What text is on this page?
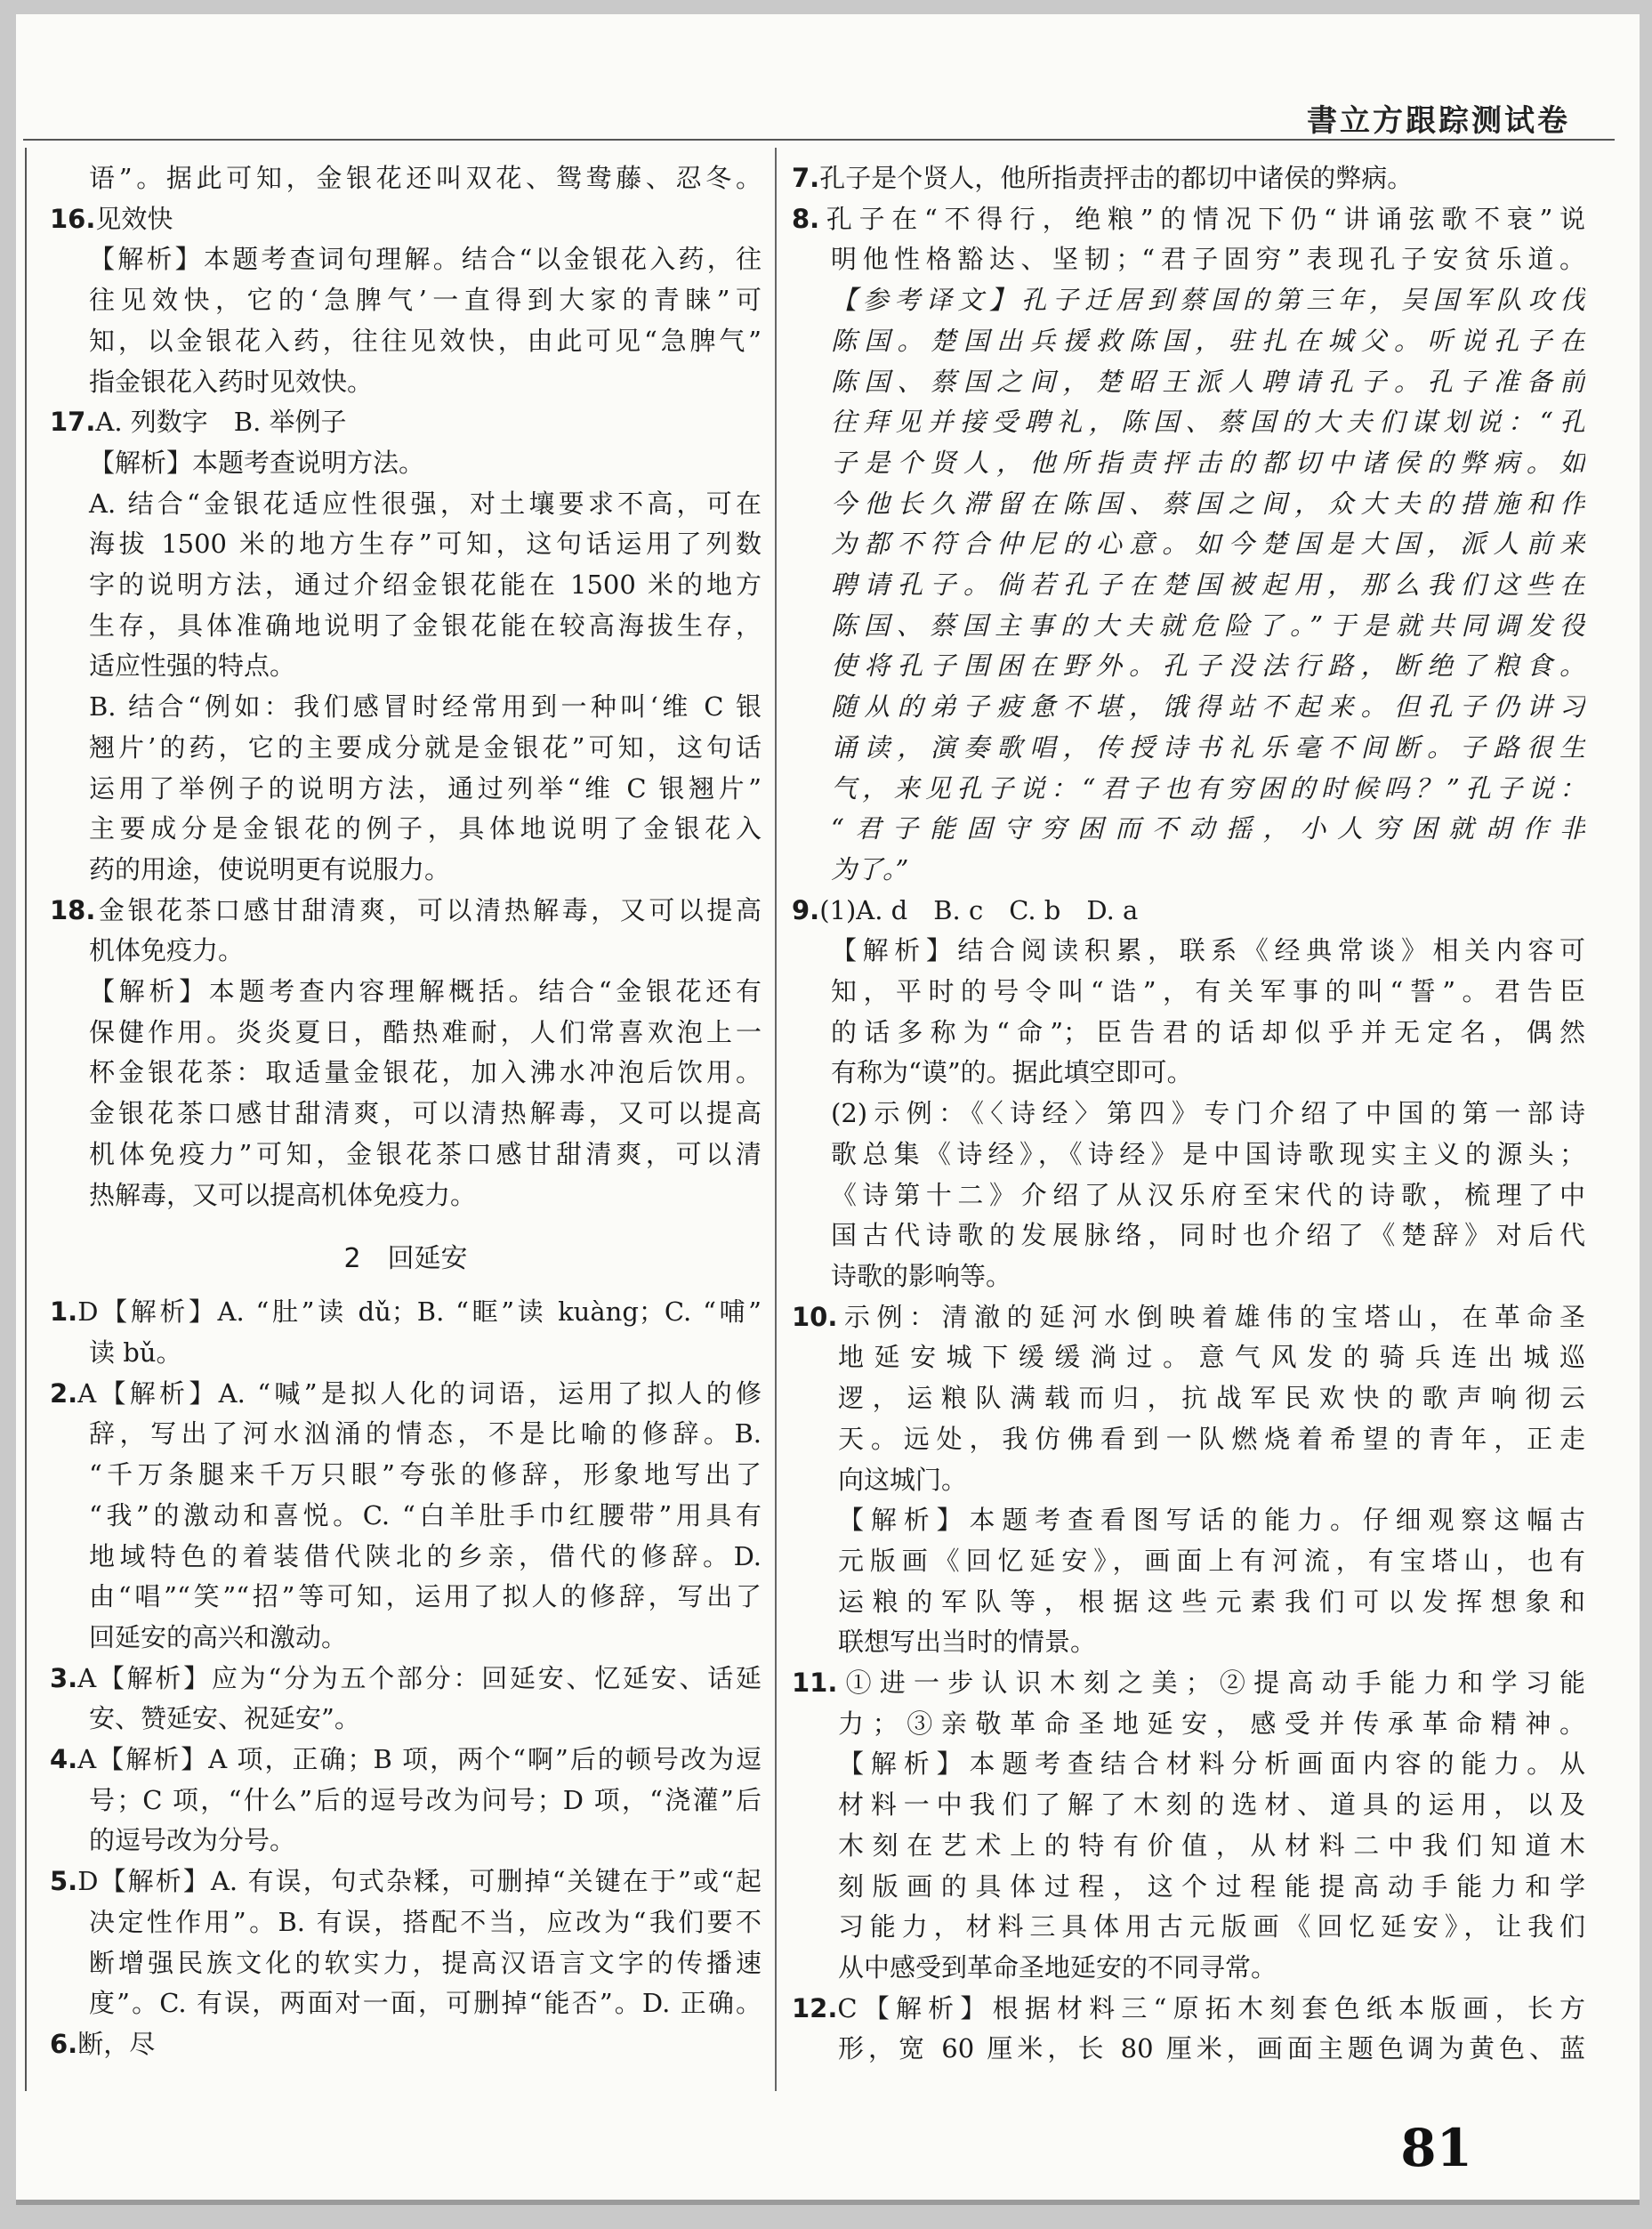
書立方跟踪测试卷
语”。据此可知，金银花还叫双花、鸳鸯藤、忍冬。
16.见效快
【解析】本题考查词句理解。结合“以金银花入药，往
往见效快，它的‘急脾气’一直得到大家的青睐”可
知，以金银花入药，往往见效快，由此可见“急脾气”
指金银花入药时见效快。
17.A. 列数字　B. 举例子
【解析】本题考查说明方法。
A. 结合“金银花适应性很强，对土壤要求不高，可在
海拔 1500 米的地方生存”可知，这句话运用了列数
字的说明方法，通过介绍金银花能在 1500 米的地方
生存，具体准确地说明了金银花能在较高海拔生存，
适应性强的特点。
B. 结合“例如：我们感冒时经常用到一种叫‘维 C 银
翘片’的药，它的主要成分就是金银花”可知，这句话
运用了举例子的说明方法，通过列举“维 C 银翘片”
主要成分是金银花的例子，具体地说明了金银花入
药的用途，使说明更有说服力。
18.金银花茶口感甘甜清爽，可以清热解毒，又可以提高
机体免疫力。
【解析】本题考查内容理解概括。结合“金银花还有
保健作用。炎炎夏日，酷热难耐，人们常喜欢泡上一
杯金银花茶：取适量金银花，加入沸水冲泡后饮用。
金银花茶口感甘甜清爽，可以清热解毒，又可以提高
机体免疫力”可知，金银花茶口感甘甜清爽，可以清
热解毒，又可以提高机体免疫力。
2　回延安
1.D【解析】A. “肚”读 dǔ；B. “眶”读 kuàng；C. “哺”
读 bǔ。
2.A【解析】A. “喊”是拟人化的词语，运用了拟人的修
辞，写出了河水汹涌的情态，不是比喻的修辞。B.
“千万条腿来千万只眼”夸张的修辞，形象地写出了
“我”的激动和喜悦。C. “白羊肚手巾红腰带”用具有
地域特色的着装借代陕北的乡亲，借代的修辞。D.
由“唱”“笑”“招”等可知，运用了拟人的修辞，写出了
回延安的高兴和激动。
3.A【解析】应为“分为五个部分：回延安、忆延安、话延
安、赞延安、祝延安”。
4.A【解析】A 项，正确；B 项，两个“啊”后的顿号改为逗
号；C 项，“什么”后的逗号改为问号；D 项，“浇灌”后
的逗号改为分号。
5.D【解析】A. 有误，句式杂糅，可删掉“关键在于”或“起
决定性作用”。B. 有误，搭配不当，应改为“我们要不
断增强民族文化的软实力，提高汉语言文字的传播速
度”。C. 有误，两面对一面，可删掉“能否”。D. 正确。
6.断，尽
7.孔子是个贤人，他所指责抨击的都切中诸侯的弊病。
8.孔子在“不得行，绝粮”的情况下仍“讲诵弦歌不衰”说
明他性格豁达、坚韧；“君子固穷”表现孔子安贫乐道。
【参考译文】孔子迁居到蔡国的第三年，吴国军队攻伐
陈国。楚国出兵援救陈国，驻扎在城父。听说孔子在
陈国、蔡国之间，楚昭王派人聘请孔子。孔子准备前
往拜见并接受聘礼，陈国、蔡国的大夫们谋划说：“孔
子是个贤人，他所指责抨击的都切中诸侯的弊病。如
今他长久滞留在陈国、蔡国之间，众大夫的措施和作
为都不符合仲尼的心意。如今楚国是大国，派人前来
聘请孔子。倘若孔子在楚国被起用，那么我们这些在
陈国、蔡国主事的大夫就危险了。”于是就共同调发役
使将孔子围困在野外。孔子没法行路，断绝了粮食。
随从的弟子疲惫不堪，饿得站不起来。但孔子仍讲习
诵读，演奏歌唱，传授诗书礼乐毫不间断。子路很生
气，来见孔子说：“君子也有穷困的时候吗？”孔子说：
“君子能固守穷困而不动摇，小人穷困就胡作非
为了。”
9.(1)A. d　B. c　C. b　D. a
【解析】结合阅读积累，联系《经典常谈》相关内容可
知，平时的号令叫“诰”，有关军事的叫“誓”。君告臣
的话多称为“命”；臣告君的话却似乎并无定名，偶然
有称为“谟”的。据此填空即可。
(2)示例：《〈诗经〉第四》专门介绍了中国的第一部诗
歌总集《诗经》，《诗经》是中国诗歌现实主义的源头；
《诗第十二》介绍了从汉乐府至宋代的诗歌，梳理了中
国古代诗歌的发展脉络，同时也介绍了《楚辞》对后代
诗歌的影响等。
10.示例：清澈的延河水倒映着雄伟的宝塔山，在革命圣
地延安城下缓缓淌过。意气风发的骑兵连出城巡
逻，运粮队满载而归，抗战军民欢快的歌声响彻云
天。远处，我仿佛看到一队燃烧着希望的青年，正走
向这城门。
【解析】本题考查看图写话的能力。仔细观察这幅古
元版画《回忆延安》，画面上有河流，有宝塔山，也有
运粮的军队等，根据这些元素我们可以发挥想象和
联想写出当时的情景。
11.①进一步认识木刻之美；②提高动手能力和学习能
力；③亲敬革命圣地延安，感受并传承革命精神。
【解析】本题考查结合材料分析画面内容的能力。从
材料一中我们了解了木刻的选材、道具的运用，以及
木刻在艺术上的特有价值，从材料二中我们知道木
刻版画的具体过程，这个过程能提高动手能力和学
习能力，材料三具体用古元版画《回忆延安》，让我们
从中感受到革命圣地延安的不同寻常。
12.C【解析】根据材料三“原拓木刻套色纸本版画，长方
形，宽 60 厘米，长 80 厘米，画面主题色调为黄色、蓝
81
